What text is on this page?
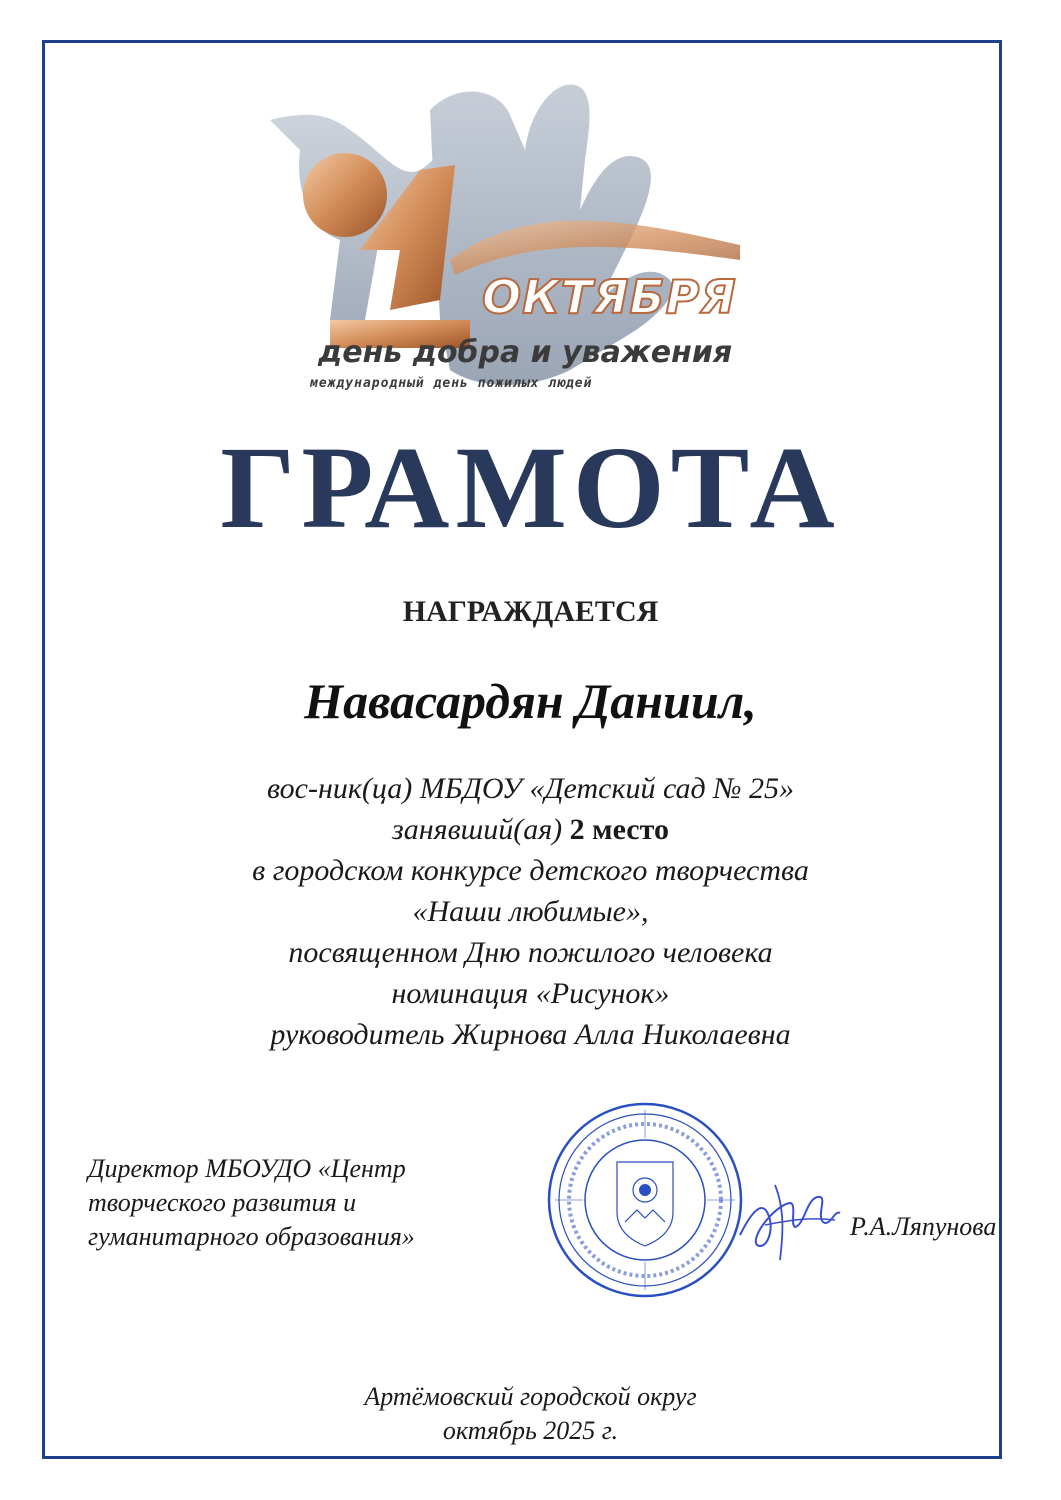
ОКТЯБРЯ
день добра и уважения
международный день пожилых людей
ГРАМОТА
НАГРАЖДАЕТСЯ
Навасардян Даниил,
вос-ник(ца) МБДОУ «Детский сад № 25»
занявший(ая) 2 место
в городском конкурсе детского творчества
«Наши любимые»,
посвященном Дню пожилого человека
номинация «Рисунок»
руководитель Жирнова Алла Николаевна
Директор МБОУДО «Центр
творческого развития и
гуманитарного образования»	Р.А.Ляпунова
Артёмовский городской округ
октябрь 2025 г.
